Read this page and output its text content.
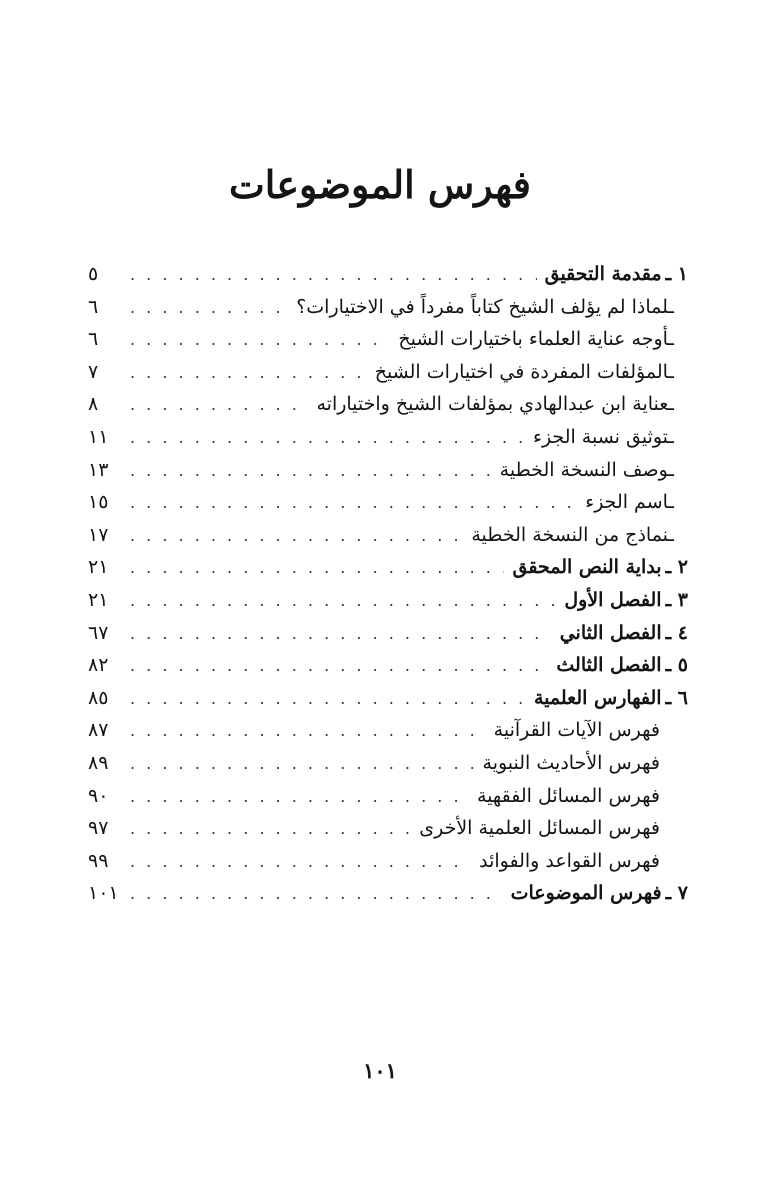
فهرس الموضوعات
١ ـ
مقدمة التحقيق
. . .
٥
ـلماذا لم يؤلف الشيخ كتاباً مفرداً في الاختيارات؟
. . .
٦
ـأوجه عناية العلماء باختيارات الشيخ
. . .
٦
ـالمؤلفات المفردة في اختيارات الشيخ
. . .
٧
ـعناية ابن عبدالهادي بمؤلفات الشيخ واختياراته
. . .
٨
ـتوثيق نسبة الجزء
. . .
١١
ـوصف النسخة الخطية
. . .
١٣
ـاسم الجزء
. . .
١٥
ـنماذج من النسخة الخطية
. . .
١٧
٢ ـ
بداية النص المحقق
. . .
٢١
٣ ـ
الفصل الأول
. . .
٢١
٤ ـ
الفصل الثاني
. . .
٦٧
٥ ـ
الفصل الثالث
. . .
٨٢
٦ ـ
الفهارس العلمية
. . .
٨٥
فهرس الآيات القرآنية
. . .
٨٧
فهرس الأحاديث النبوية
. . .
٨٩
فهرس المسائل الفقهية
. . .
٩٠
فهرس المسائل العلمية الأخرى
. . .
٩٧
فهرس القواعد والفوائد
. . .
٩٩
٧ ـ
فهرس الموضوعات
. . .
١٠١
١٠١
